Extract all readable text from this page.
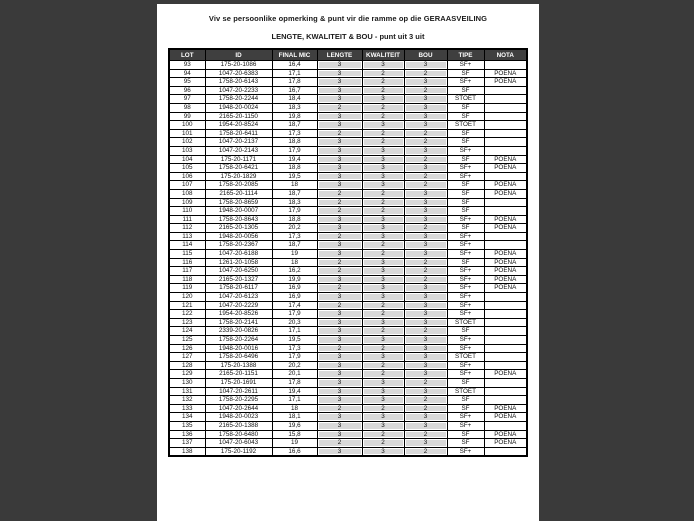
Viv se persoonlike opmerking & punt vir die ramme op die GERAASVEILING
LENGTE, KWALITEIT & BOU - punt uit 3 uit
LOT	ID	FINAL MIC	LENGTE	KWALITEIT	BOU	TIPE	NOTA
93	175-20-1086	16,4	3	3	3	SF+	
94	1047-20-6383	17,1	3	2	2	SF	POENA
95	1758-20-6143	17,8	3	2	3	SF+	POENA
96	1047-20-2233	16,7	3	2	2	SF	
97	1758-20-2244	18,4	3	3	3	STOET	
98	1948-20-0024	18,3	2	2	3	SF	
99	2165-20-1150	19,8	3	2	3	SF	
100	1954-20-8524	18,7	3	3	3	STOET	
101	1758-20-6411	17,3	2	2	2	SF	
102	1047-20-2137	18,8	3	2	2	SF	
103	1047-20-2143	17,9	3	3	3	SF+	
104	175-20-1171	19,4	3	3	2	SF	POENA
105	1758-20-6421	18,8	3	3	3	SF+	POENA
106	175-20-1829	19,5	3	3	2	SF+	
107	1758-20-2085	18	3	3	2	SF	POENA
108	2165-20-1114	18,7	2	2	3	SF	POENA
109	1758-20-8659	18,3	2	2	3	SF	
110	1948-20-0007	17,9	2	2	3	SF	
111	1758-20-8643	18,8	3	3	3	SF+	POENA
112	2165-20-1305	20,2	3	3	2	SF	POENA
113	1948-20-0056	17,3	2	3	3	SF+	
114	1758-20-2367	18,7	3	2	3	SF+	
115	1047-20-6188	19	3	2	3	SF+	POENA
116	1261-20-1058	18	2	3	2	SF	POENA
117	1047-20-6250	16,2	2	3	2	SF+	POENA
118	2165-20-1327	19,9	3	3	2	SF+	POENA
119	1758-20-6117	16,9	2	3	3	SF+	POENA
120	1047-20-6123	16,9	3	3	3	SF+	
121	1047-20-2229	17,4	2	2	3	SF+	
122	1954-20-8526	17,9	3	2	3	SF+	
123	1758-20-2141	20,3	3	3	3	STOET	
124	2339-20-0826	17,1	3	2	2	SF	
125	1758-20-2264	19,5	3	3	3	SF+	
126	1948-20-0016	17,3	2	2	3	SF+	
127	1758-20-6496	17,9	3	3	3	STOET	
128	175-20-1388	20,2	3	2	3	SF+	
129	2165-20-1151	20,1	3	2	3	SF+	POENA
130	175-20-1691	17,8	3	3	2	SF	
131	1047-20-2611	19,4	3	3	3	STOET	
132	1758-20-2295	17,1	3	3	2	SF	
133	1047-20-2644	18	2	2	2	SF	POENA
134	1948-20-0023	18,1	3	3	3	SF+	POENA
135	2165-20-1388	19,6	3	3	3	SF+	
136	1758-20-6480	15,8	3	2	2	SF	POENA
137	1047-20-6043	19	2	2	3	SF	POENA
138	175-20-1192	16,6	3	3	2	SF+	
